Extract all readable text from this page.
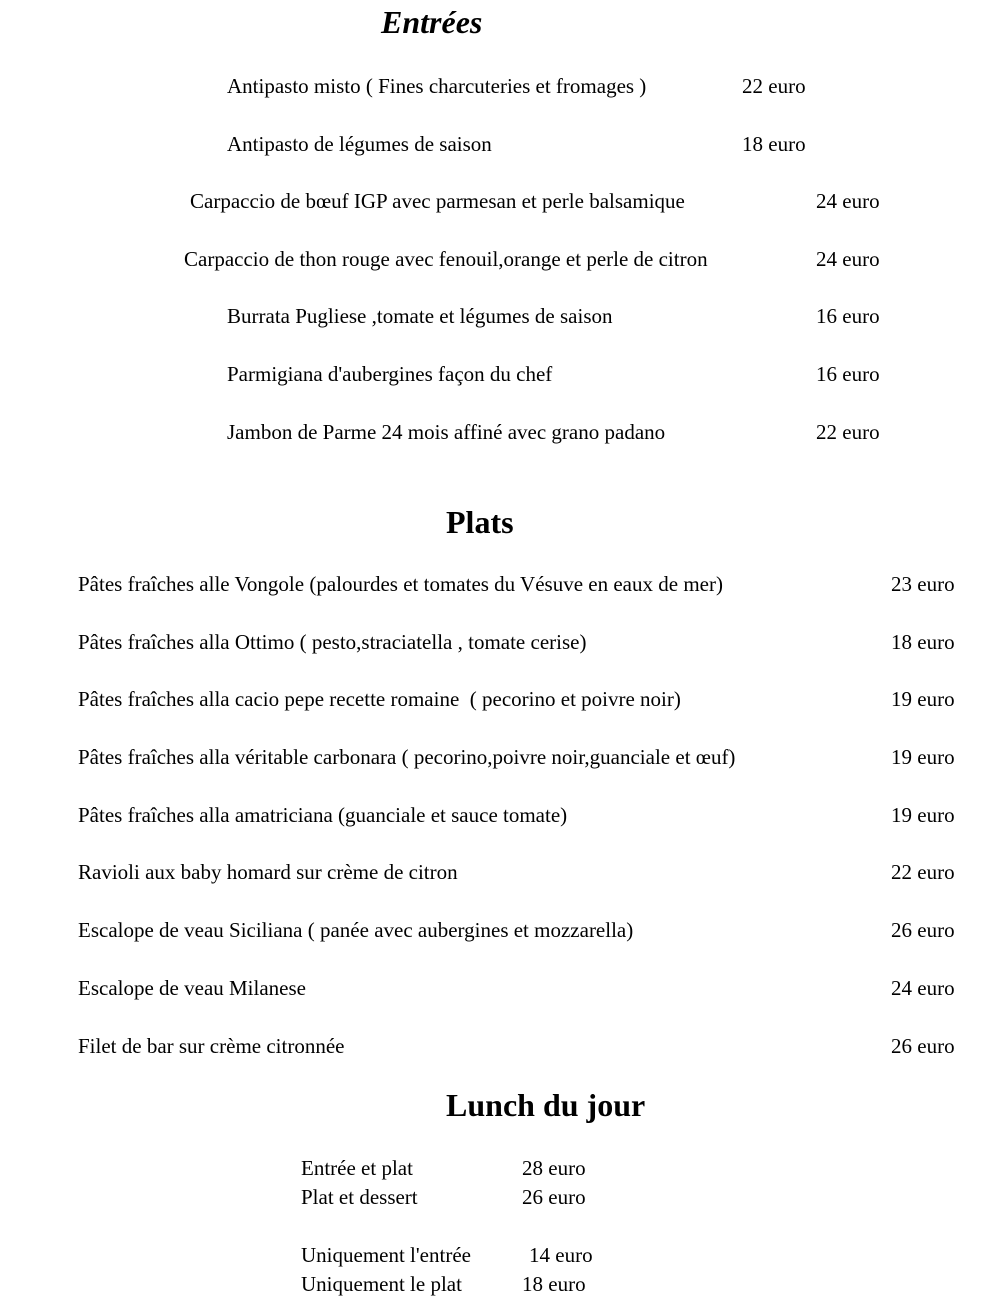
Entrées
Antipasto misto ( Fines charcuteries et fromages )	22 euro
Antipasto de légumes de saison	18 euro
Carpaccio de bœuf IGP avec parmesan et perle balsamique	24 euro
Carpaccio de thon rouge avec fenouil,orange et perle de citron	24 euro
Burrata Pugliese ,tomate et légumes de saison	16 euro
Parmigiana d'aubergines façon du chef	16 euro
Jambon de Parme 24 mois affiné avec grano padano	22 euro
Plats
Pâtes fraîches alle Vongole (palourdes et tomates du Vésuve en eaux de mer)	23 euro
Pâtes fraîches alla Ottimo ( pesto,straciatella , tomate cerise)	18 euro
Pâtes fraîches alla cacio pepe recette romaine  ( pecorino et poivre noir)	19 euro
Pâtes fraîches alla véritable carbonara ( pecorino,poivre noir,guanciale et œuf)	19 euro
Pâtes fraîches alla amatriciana (guanciale et sauce tomate)	19 euro
Ravioli aux baby homard sur crème de citron	22 euro
Escalope de veau Siciliana ( panée avec aubergines et mozzarella)	26 euro
Escalope de veau Milanese	24 euro
Filet de bar sur crème citronnée	26 euro
Lunch du jour
Entrée et plat	28 euro
Plat et dessert	26 euro
Uniquement l'entrée	14 euro
Uniquement le plat	18 euro
